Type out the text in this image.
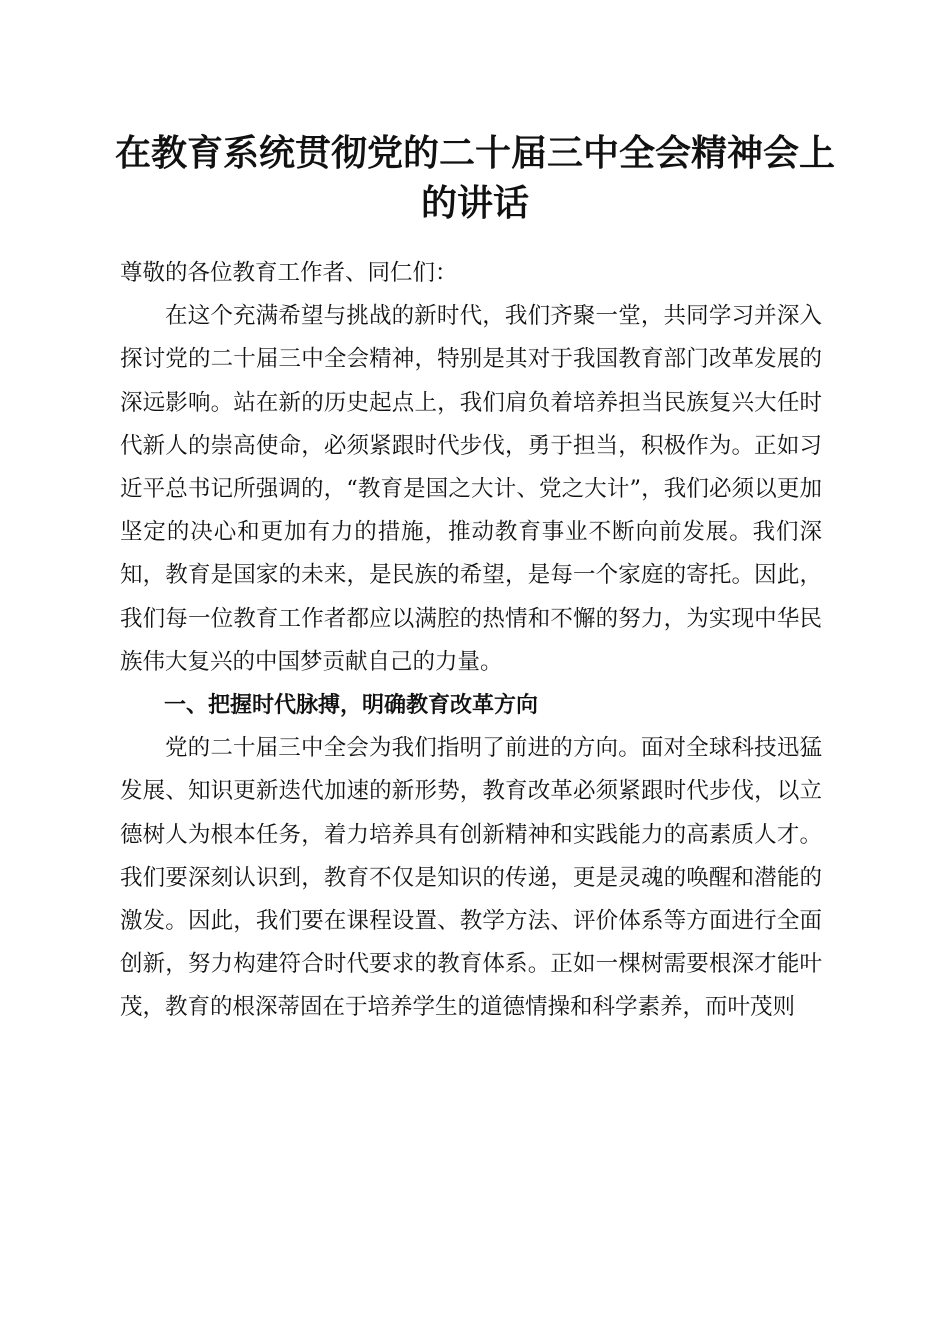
在教育系统贯彻党的二十届三中全会精神会上
的讲话

尊敬的各位教育工作者、同仁们：

在这个充满希望与挑战的新时代，我们齐聚一堂，共同学习并深入探讨党的二十届三中全会精神，特别是其对于我国教育部门改革发展的深远影响。站在新的历史起点上，我们肩负着培养担当民族复兴大任时代新人的崇高使命，必须紧跟时代步伐，勇于担当，积极作为。正如习近平总书记所强调的，“教育是国之大计、党之大计”，我们必须以更加坚定的决心和更加有力的措施，推动教育事业不断向前发展。我们深知，教育是国家的未来，是民族的希望，是每一个家庭的寄托。因此，我们每一位教育工作者都应以满腔的热情和不懈的努力，为实现中华民族伟大复兴的中国梦贡献自己的力量。

一、把握时代脉搏，明确教育改革方向

党的二十届三中全会为我们指明了前进的方向。面对全球科技迅猛发展、知识更新迭代加速的新形势，教育改革必须紧跟时代步伐，以立德树人为根本任务，着力培养具有创新精神和实践能力的高素质人才。我们要深刻认识到，教育不仅是知识的传递，更是灵魂的唤醒和潜能的激发。因此，我们要在课程设置、教学方法、评价体系等方面进行全面创新，努力构建符合时代要求的教育体系。正如一棵树需要根深才能叶茂，教育的根深蒂固在于培养学生的道德情操和科学素养，而叶茂则
